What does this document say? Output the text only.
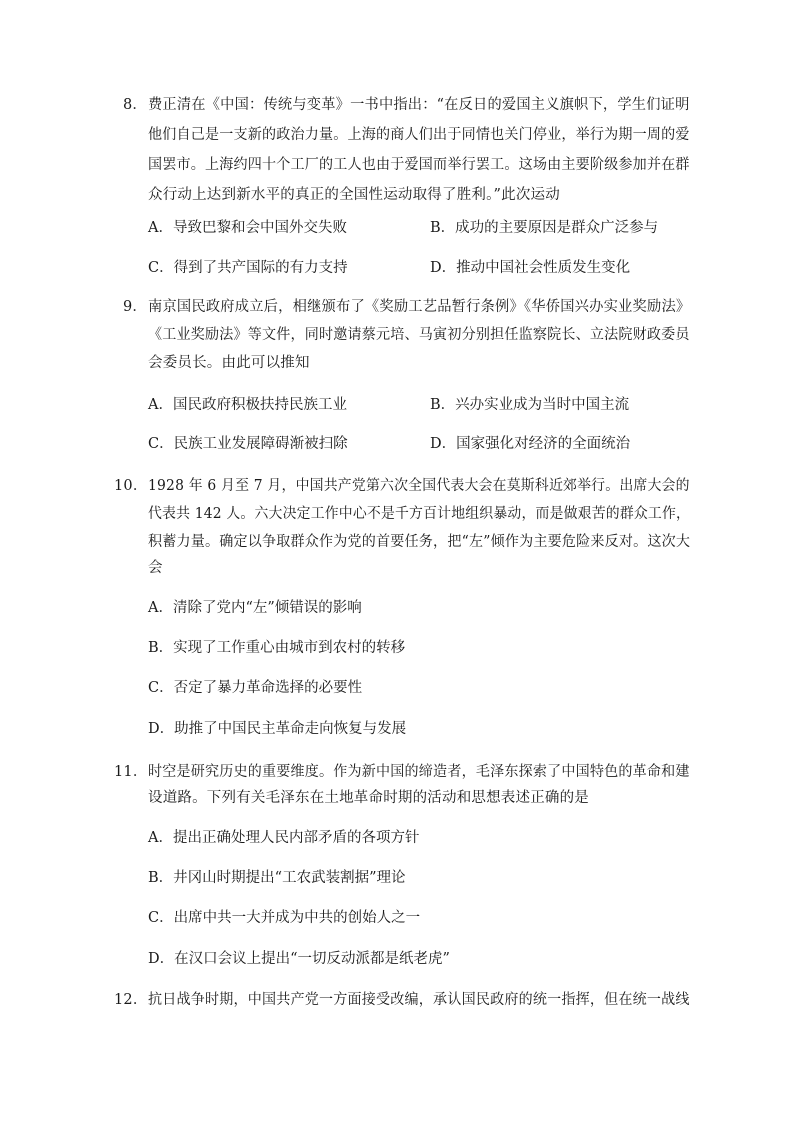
8． 费正清在《中国：传统与变革》一书中指出：“在反日的爱国主义旗帜下，学生们证明
他们自己是一支新的政治力量。上海的商人们出于同情也关门停业，举行为期一周的爱
国罢市。上海约四十个工厂的工人也由于爱国而举行罢工。这场由主要阶级参加并在群
众行动上达到新水平的真正的全国性运动取得了胜利。”此次运动
A．导致巴黎和会中国外交失败	B．成功的主要原因是群众广泛参与
C．得到了共产国际的有力支持	D．推动中国社会性质发生变化
9． 南京国民政府成立后，相继颁布了《奖励工艺品暂行条例》《华侨国兴办实业奖励法》
《工业奖励法》等文件，同时邀请蔡元培、马寅初分别担任监察院长、立法院财政委员
会委员长。由此可以推知
A．国民政府积极扶持民族工业	B．兴办实业成为当时中国主流
C．民族工业发展障碍渐被扫除	D．国家强化对经济的全面统治
10． 1928 年 6 月至 7 月，中国共产党第六次全国代表大会在莫斯科近郊举行。出席大会的
代表共 142 人。六大决定工作中心不是千方百计地组织暴动，而是做艰苦的群众工作，
积蓄力量。确定以争取群众作为党的首要任务，把“左”倾作为主要危险来反对。这次大
会
A．清除了党内“左”倾错误的影响
B．实现了工作重心由城市到农村的转移
C．否定了暴力革命选择的必要性
D．助推了中国民主革命走向恢复与发展
11． 时空是研究历史的重要维度。作为新中国的缔造者，毛泽东探索了中国特色的革命和建
设道路。下列有关毛泽东在土地革命时期的活动和思想表述正确的是
A．提出正确处理人民内部矛盾的各项方针
B．井冈山时期提出“工农武装割据”理论
C．出席中共一大并成为中共的创始人之一
D．在汉口会议上提出“一切反动派都是纸老虎”
12． 抗日战争时期，中国共产党一方面接受改编，承认国民政府的统一指挥，但在统一战线
